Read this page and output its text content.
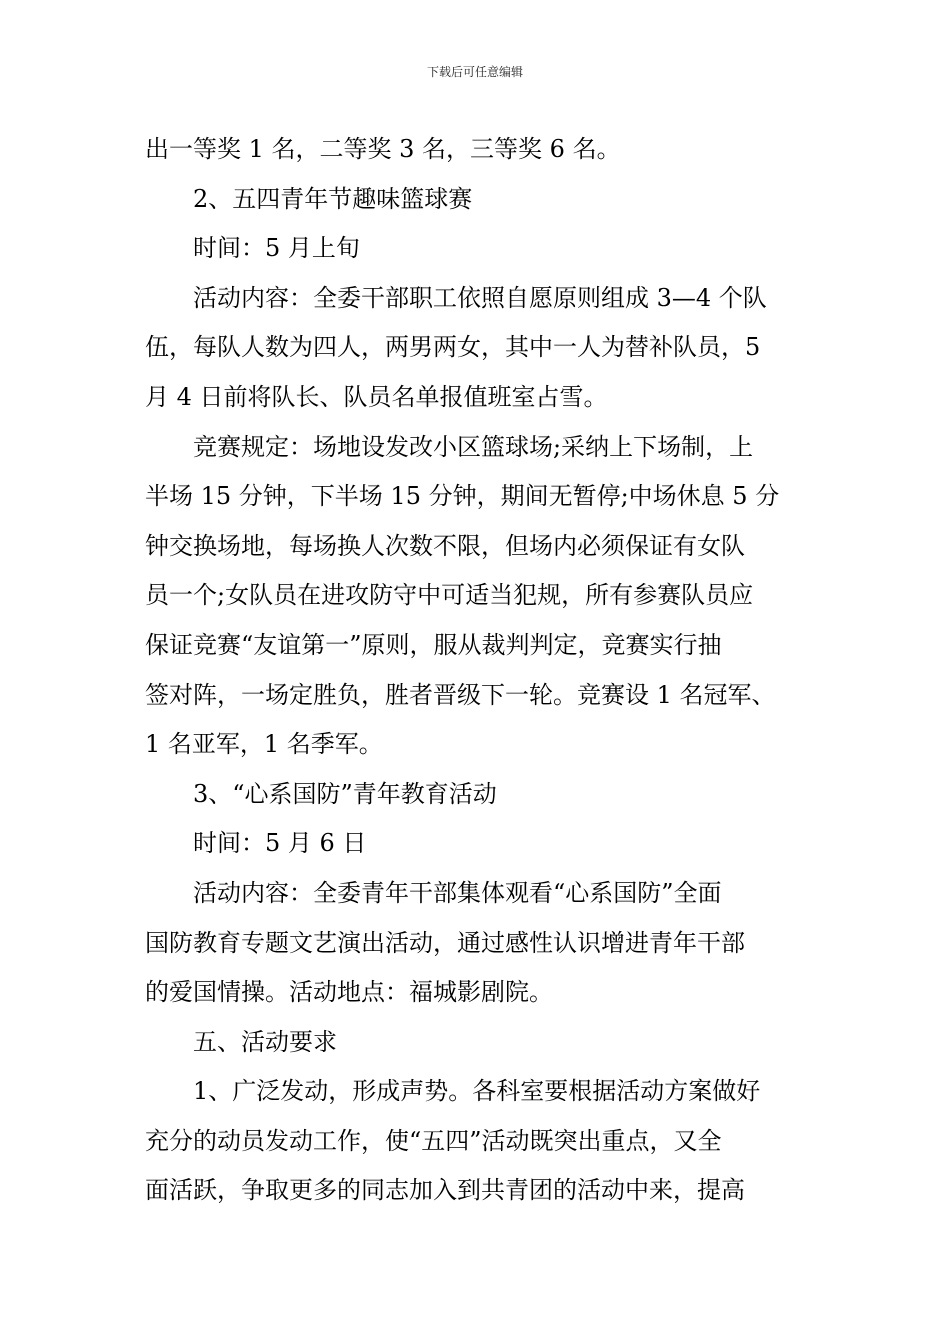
下载后可任意编辑

出一等奖 1 名，二等奖 3 名，三等奖 6 名。

2、五四青年节趣味篮球赛

时间：5 月上旬

活动内容：全委干部职工依照自愿原则组成 3—4 个队

伍，每队人数为四人，两男两女，其中一人为替补队员，5

月 4 日前将队长、队员名单报值班室占雪。

竞赛规定：场地设发改小区篮球场;采纳上下场制，上

半场 15 分钟，下半场 15 分钟，期间无暂停;中场休息 5 分

钟交换场地，每场换人次数不限，但场内必须保证有女队

员一个;女队员在进攻防守中可适当犯规，所有参赛队员应

保证竞赛“友谊第一”原则，服从裁判判定，竞赛实行抽

签对阵，一场定胜负，胜者晋级下一轮。竞赛设 1 名冠军、

1 名亚军，1 名季军。

3、“心系国防”青年教育活动

时间：5 月 6 日

活动内容：全委青年干部集体观看“心系国防”全面

国防教育专题文艺演出活动，通过感性认识增进青年干部

的爱国情操。活动地点：福城影剧院。

五、活动要求

1、广泛发动，形成声势。各科室要根据活动方案做好

充分的动员发动工作，使“五四”活动既突出重点，又全

面活跃，争取更多的同志加入到共青团的活动中来，提高
